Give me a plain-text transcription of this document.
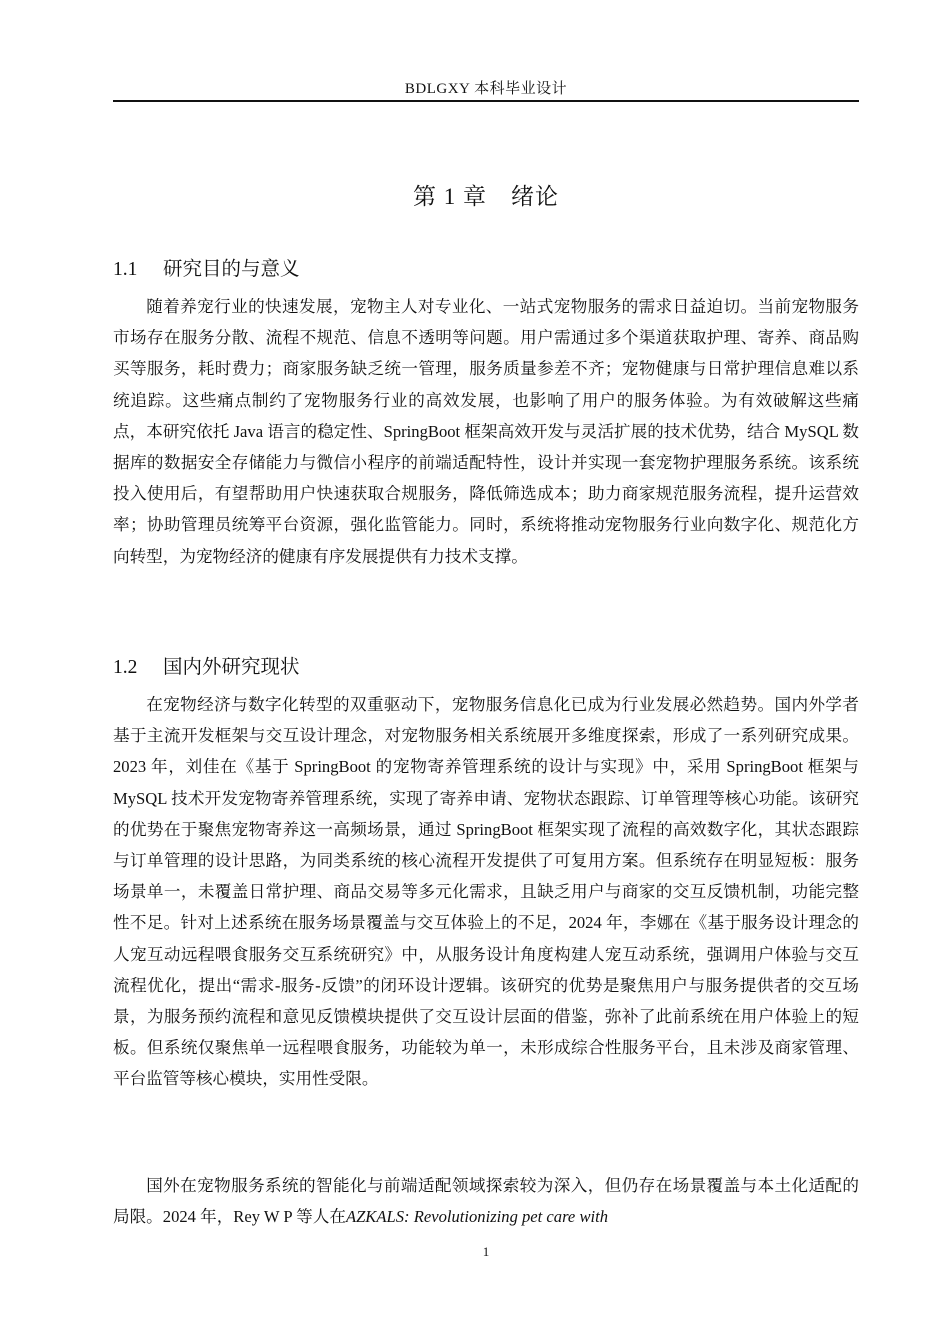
BDLGXY 本科毕业设计
第 1 章　绪论
1.1 研究目的与意义

随着养宠行业的快速发展，宠物主人对专业化、一站式宠物服务的需求日益迫切。当前宠物服务市场存在服务分散、流程不规范、信息不透明等问题。用户需通过多个渠道获取护理、寄养、商品购买等服务，耗时费力；商家服务缺乏统一管理，服务质量参差不齐；宠物健康与日常护理信息难以系统追踪。这些痛点制约了宠物服务行业的高效发展，也影响了用户的服务体验。为有效破解这些痛点，本研究依托 Java 语言的稳定性、SpringBoot 框架高效开发与灵活扩展的技术优势，结合 MySQL 数据库的数据安全存储能力与微信小程序的前端适配特性，设计并实现一套宠物护理服务系统。该系统投入使用后，有望帮助用户快速获取合规服务，降低筛选成本；助力商家规范服务流程，提升运营效率；协助管理员统筹平台资源，强化监管能力。同时，系统将推动宠物服务行业向数字化、规范化方向转型，为宠物经济的健康有序发展提供有力技术支撑。

1.2 国内外研究现状

在宠物经济与数字化转型的双重驱动下，宠物服务信息化已成为行业发展必然趋势。国内外学者基于主流开发框架与交互设计理念，对宠物服务相关系统展开多维度探索，形成了一系列研究成果。2023 年，刘佳在《基于 SpringBoot 的宠物寄养管理系统的设计与实现》中，采用 SpringBoot 框架与 MySQL 技术开发宠物寄养管理系统，实现了寄养申请、宠物状态跟踪、订单管理等核心功能。该研究的优势在于聚焦宠物寄养这一高频场景，通过 SpringBoot 框架实现了流程的高效数字化，其状态跟踪与订单管理的设计思路，为同类系统的核心流程开发提供了可复用方案。但系统存在明显短板：服务场景单一，未覆盖日常护理、商品交易等多元化需求，且缺乏用户与商家的交互反馈机制，功能完整性不足。针对上述系统在服务场景覆盖与交互体验上的不足，2024 年，李娜在《基于服务设计理念的人宠互动远程喂食服务交互系统研究》中，从服务设计角度构建人宠互动系统，强调用户体验与交互流程优化，提出“需求-服务-反馈”的闭环设计逻辑。该研究的优势是聚焦用户与服务提供者的交互场景，为服务预约流程和意见反馈模块提供了交互设计层面的借鉴，弥补了此前系统在用户体验上的短板。但系统仅聚焦单一远程喂食服务，功能较为单一，未形成综合性服务平台，且未涉及商家管理、平台监管等核心模块，实用性受限。

国外在宠物服务系统的智能化与前端适配领域探索较为深入，但仍存在场景覆盖与本土化适配的局限。2024 年，Rey W P 等人在AZKALS: Revolutionizing pet care with

1
